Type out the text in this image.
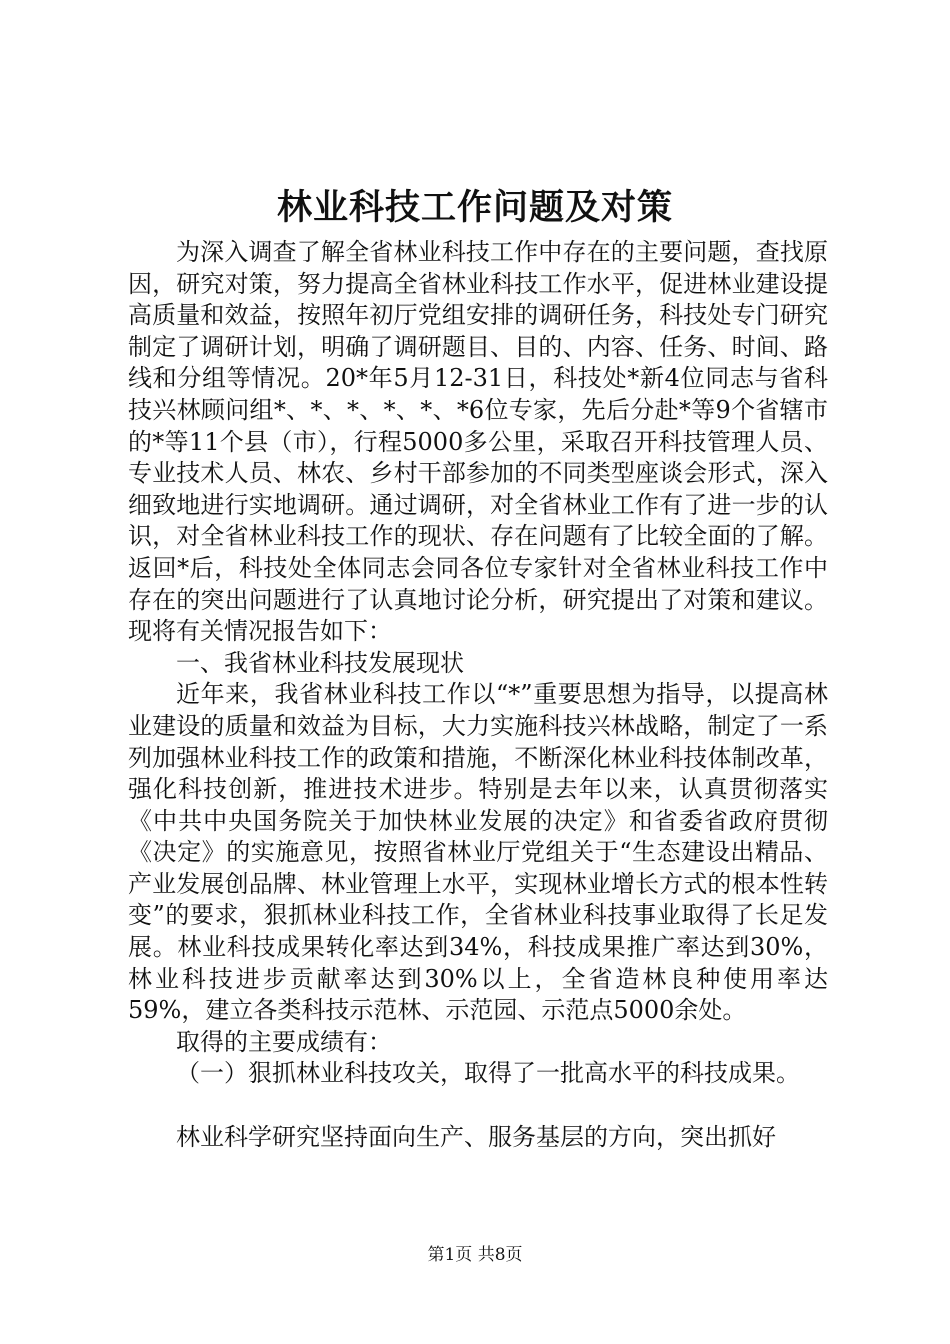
林业科技工作问题及对策

为深入调查了解全省林业科技工作中存在的主要问题，查找原因，研究对策，努力提高全省林业科技工作水平，促进林业建设提高质量和效益，按照年初厅党组安排的调研任务，科技处专门研究制定了调研计划，明确了调研题目、目的、内容、任务、时间、路线和分组等情况。20*年5月12-31日，科技处*新4位同志与省科技兴林顾问组*、*、*、*、*、*6位专家，先后分赴*等9个省辖市的*等11个县（市），行程5000多公里，采取召开科技管理人员、专业技术人员、林农、乡村干部参加的不同类型座谈会形式，深入细致地进行实地调研。通过调研，对全省林业工作有了进一步的认识，对全省林业科技工作的现状、存在问题有了比较全面的了解。返回*后，科技处全体同志会同各位专家针对全省林业科技工作中存在的突出问题进行了认真地讨论分析，研究提出了对策和建议。现将有关情况报告如下：

一、我省林业科技发展现状

近年来，我省林业科技工作以“*”重要思想为指导，以提高林业建设的质量和效益为目标，大力实施科技兴林战略，制定了一系列加强林业科技工作的政策和措施，不断深化林业科技体制改革，强化科技创新，推进技术进步。特别是去年以来，认真贯彻落实《中共中央国务院关于加快林业发展的决定》和省委省政府贯彻《决定》的实施意见，按照省林业厅党组关于“生态建设出精品、产业发展创品牌、林业管理上水平，实现林业增长方式的根本性转变”的要求，狠抓林业科技工作，全省林业科技事业取得了长足发展。林业科技成果转化率达到34%，科技成果推广率达到30%，林业科技进步贡献率达到30%以上，全省造林良种使用率达59%，建立各类科技示范林、示范园、示范点5000余处。

取得的主要成绩有：

（一）狠抓林业科技攻关，取得了一批高水平的科技成果。

林业科学研究坚持面向生产、服务基层的方向，突出抓好

第1页 共8页
